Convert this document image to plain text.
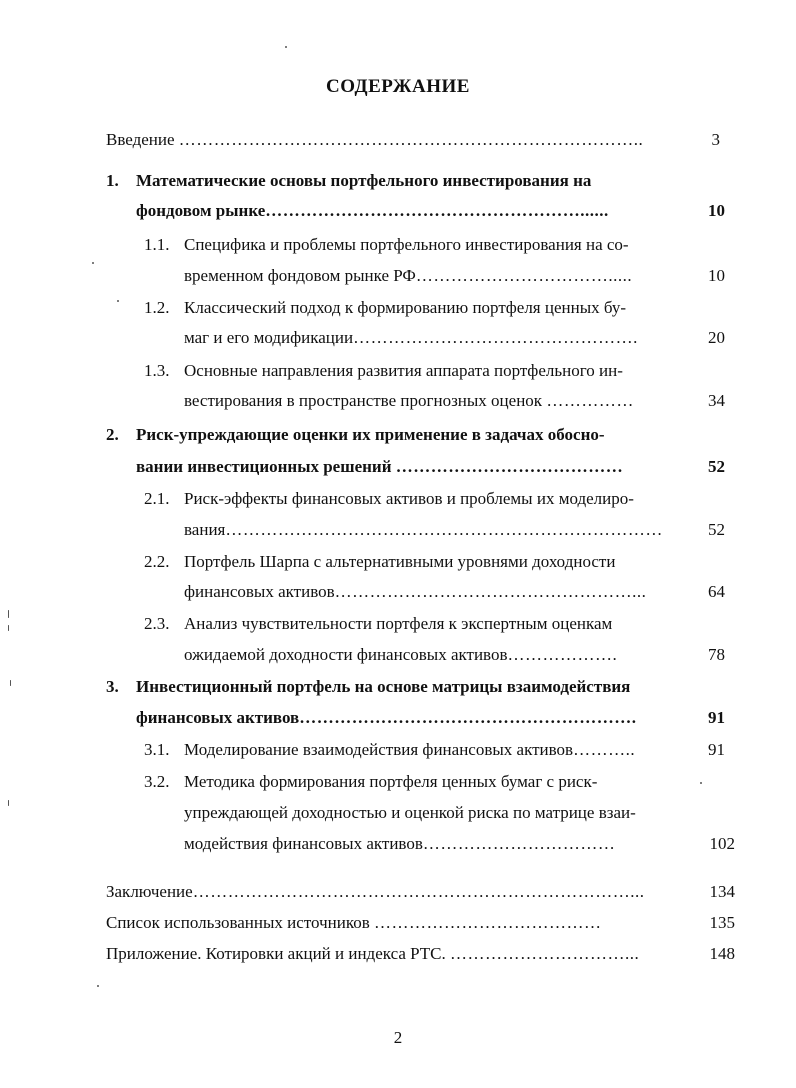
СОДЕРЖАНИЕ
Введение ……………………………………………………………………..	3
1. Математические основы портфельного инвестирования на
фондовом рынке………………………………………………......	10
1.1. Специфика и проблемы портфельного инвестирования на со-
временном фондовом рынке РФ…………………………….....	10
1.2. Классический подход к формированию портфеля ценных бу-
маг и его модификации………………………………………….	20
1.3. Основные направления развития аппарата портфельного ин-
вестирования в пространстве прогнозных оценок ……………	34
2. Риск-упреждающие оценки их применение в задачах обосно-
вании инвестиционных решений …………………………………	52
2.1. Риск-эффекты финансовых активов и проблемы их моделиро-
вания…………………………………………………………………	52
2.2. Портфель Шарпа с альтернативными уровнями доходности
финансовых активов……………………………………………...	64
2.3. Анализ чувствительности портфеля к экспертным оценкам
ожидаемой доходности финансовых активов……………….	78
3. Инвестиционный портфель на основе матрицы взаимодействия
финансовых активов………………………………………………….	91
3.1. Моделирование взаимодействия финансовых активов………..	91
3.2. Методика формирования портфеля ценных бумаг с риск-
упреждающей доходностью и оценкой риска по матрице взаи-
модействия финансовых активов……………………………	102
Заключение…………………………………………………………………...	134
Список использованных источников …………………………………	135
Приложение. Котировки акций и индекса РТС. …………………………...	148
2
